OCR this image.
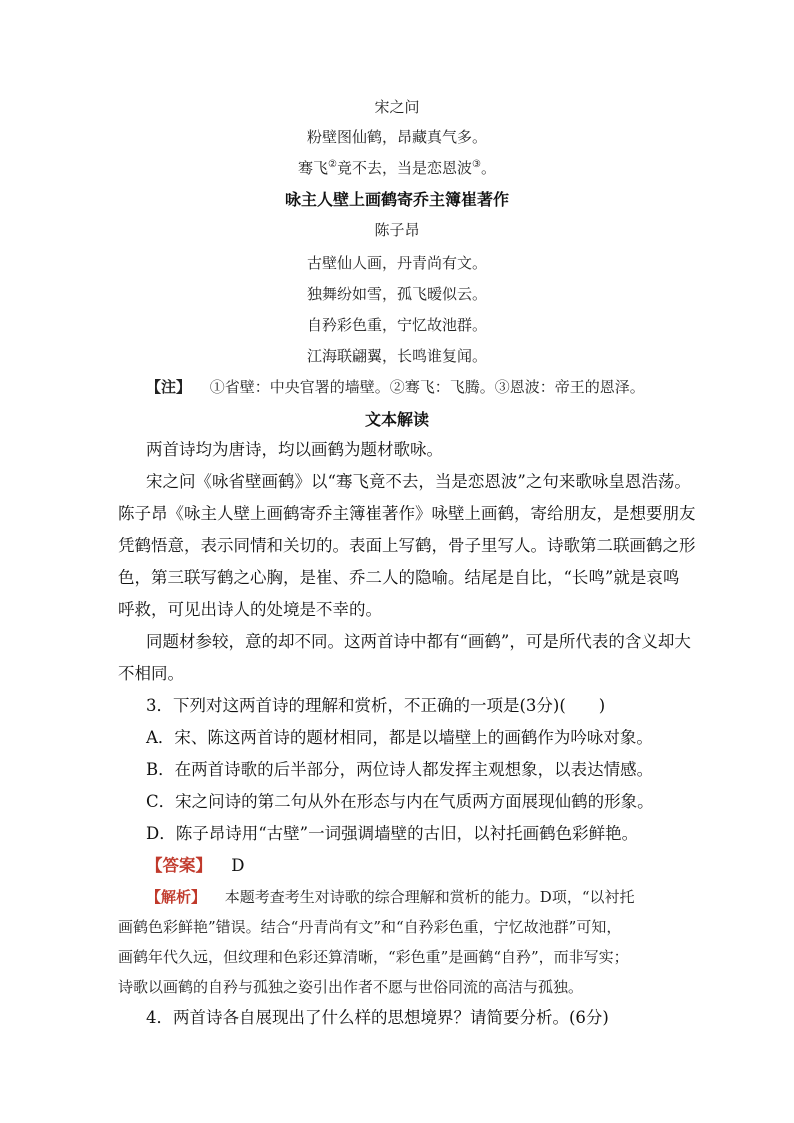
宋之问
粉壁图仙鹤，昂藏真气多。
骞飞②竟不去，当是恋恩波③。
咏主人壁上画鹤寄乔主簿崔著作
陈子昂
古壁仙人画，丹青尚有文。
独舞纷如雪，孤飞暧似云。
自矜彩色重，宁忆故池群。
江海联翩翼，长鸣谁复闻。
【注】 ①省壁：中央官署的墙壁。②骞飞：飞腾。③恩波：帝王的恩泽。
文本解读
两首诗均为唐诗，均以画鹤为题材歌咏。
宋之问《咏省壁画鹤》以“骞飞竟不去，当是恋恩波”之句来歌咏皇恩浩荡。
陈子昂《咏主人壁上画鹤寄乔主簿崔著作》咏壁上画鹤，寄给朋友，是想要朋友
凭鹤悟意，表示同情和关切的。表面上写鹤，骨子里写人。诗歌第二联画鹤之形
色，第三联写鹤之心胸，是崔、乔二人的隐喻。结尾是自比，“长鸣”就是哀鸣
呼救，可见出诗人的处境是不幸的。
同题材参较，意的却不同。这两首诗中都有“画鹤”，可是所代表的含义却大
不相同。
3．下列对这两首诗的理解和赏析，不正确的一项是(3分)(　　)
A．宋、陈这两首诗的题材相同，都是以墙壁上的画鹤作为吟咏对象。
B．在两首诗歌的后半部分，两位诗人都发挥主观想象，以表达情感。
C．宋之问诗的第二句从外在形态与内在气质两方面展现仙鹤的形象。
D．陈子昂诗用“古壁”一词强调墙壁的古旧，以衬托画鹤色彩鲜艳。
【答案】 D
【解析】 本题考查考生对诗歌的综合理解和赏析的能力。D项，“以衬托
画鹤色彩鲜艳”错误。结合“丹青尚有文”和“自矜彩色重，宁忆故池群”可知，
画鹤年代久远，但纹理和色彩还算清晰，“彩色重”是画鹤“自矜”，而非写实；
诗歌以画鹤的自矜与孤独之姿引出作者不愿与世俗同流的高洁与孤独。
4．两首诗各自展现出了什么样的思想境界？请简要分析。(6分)
